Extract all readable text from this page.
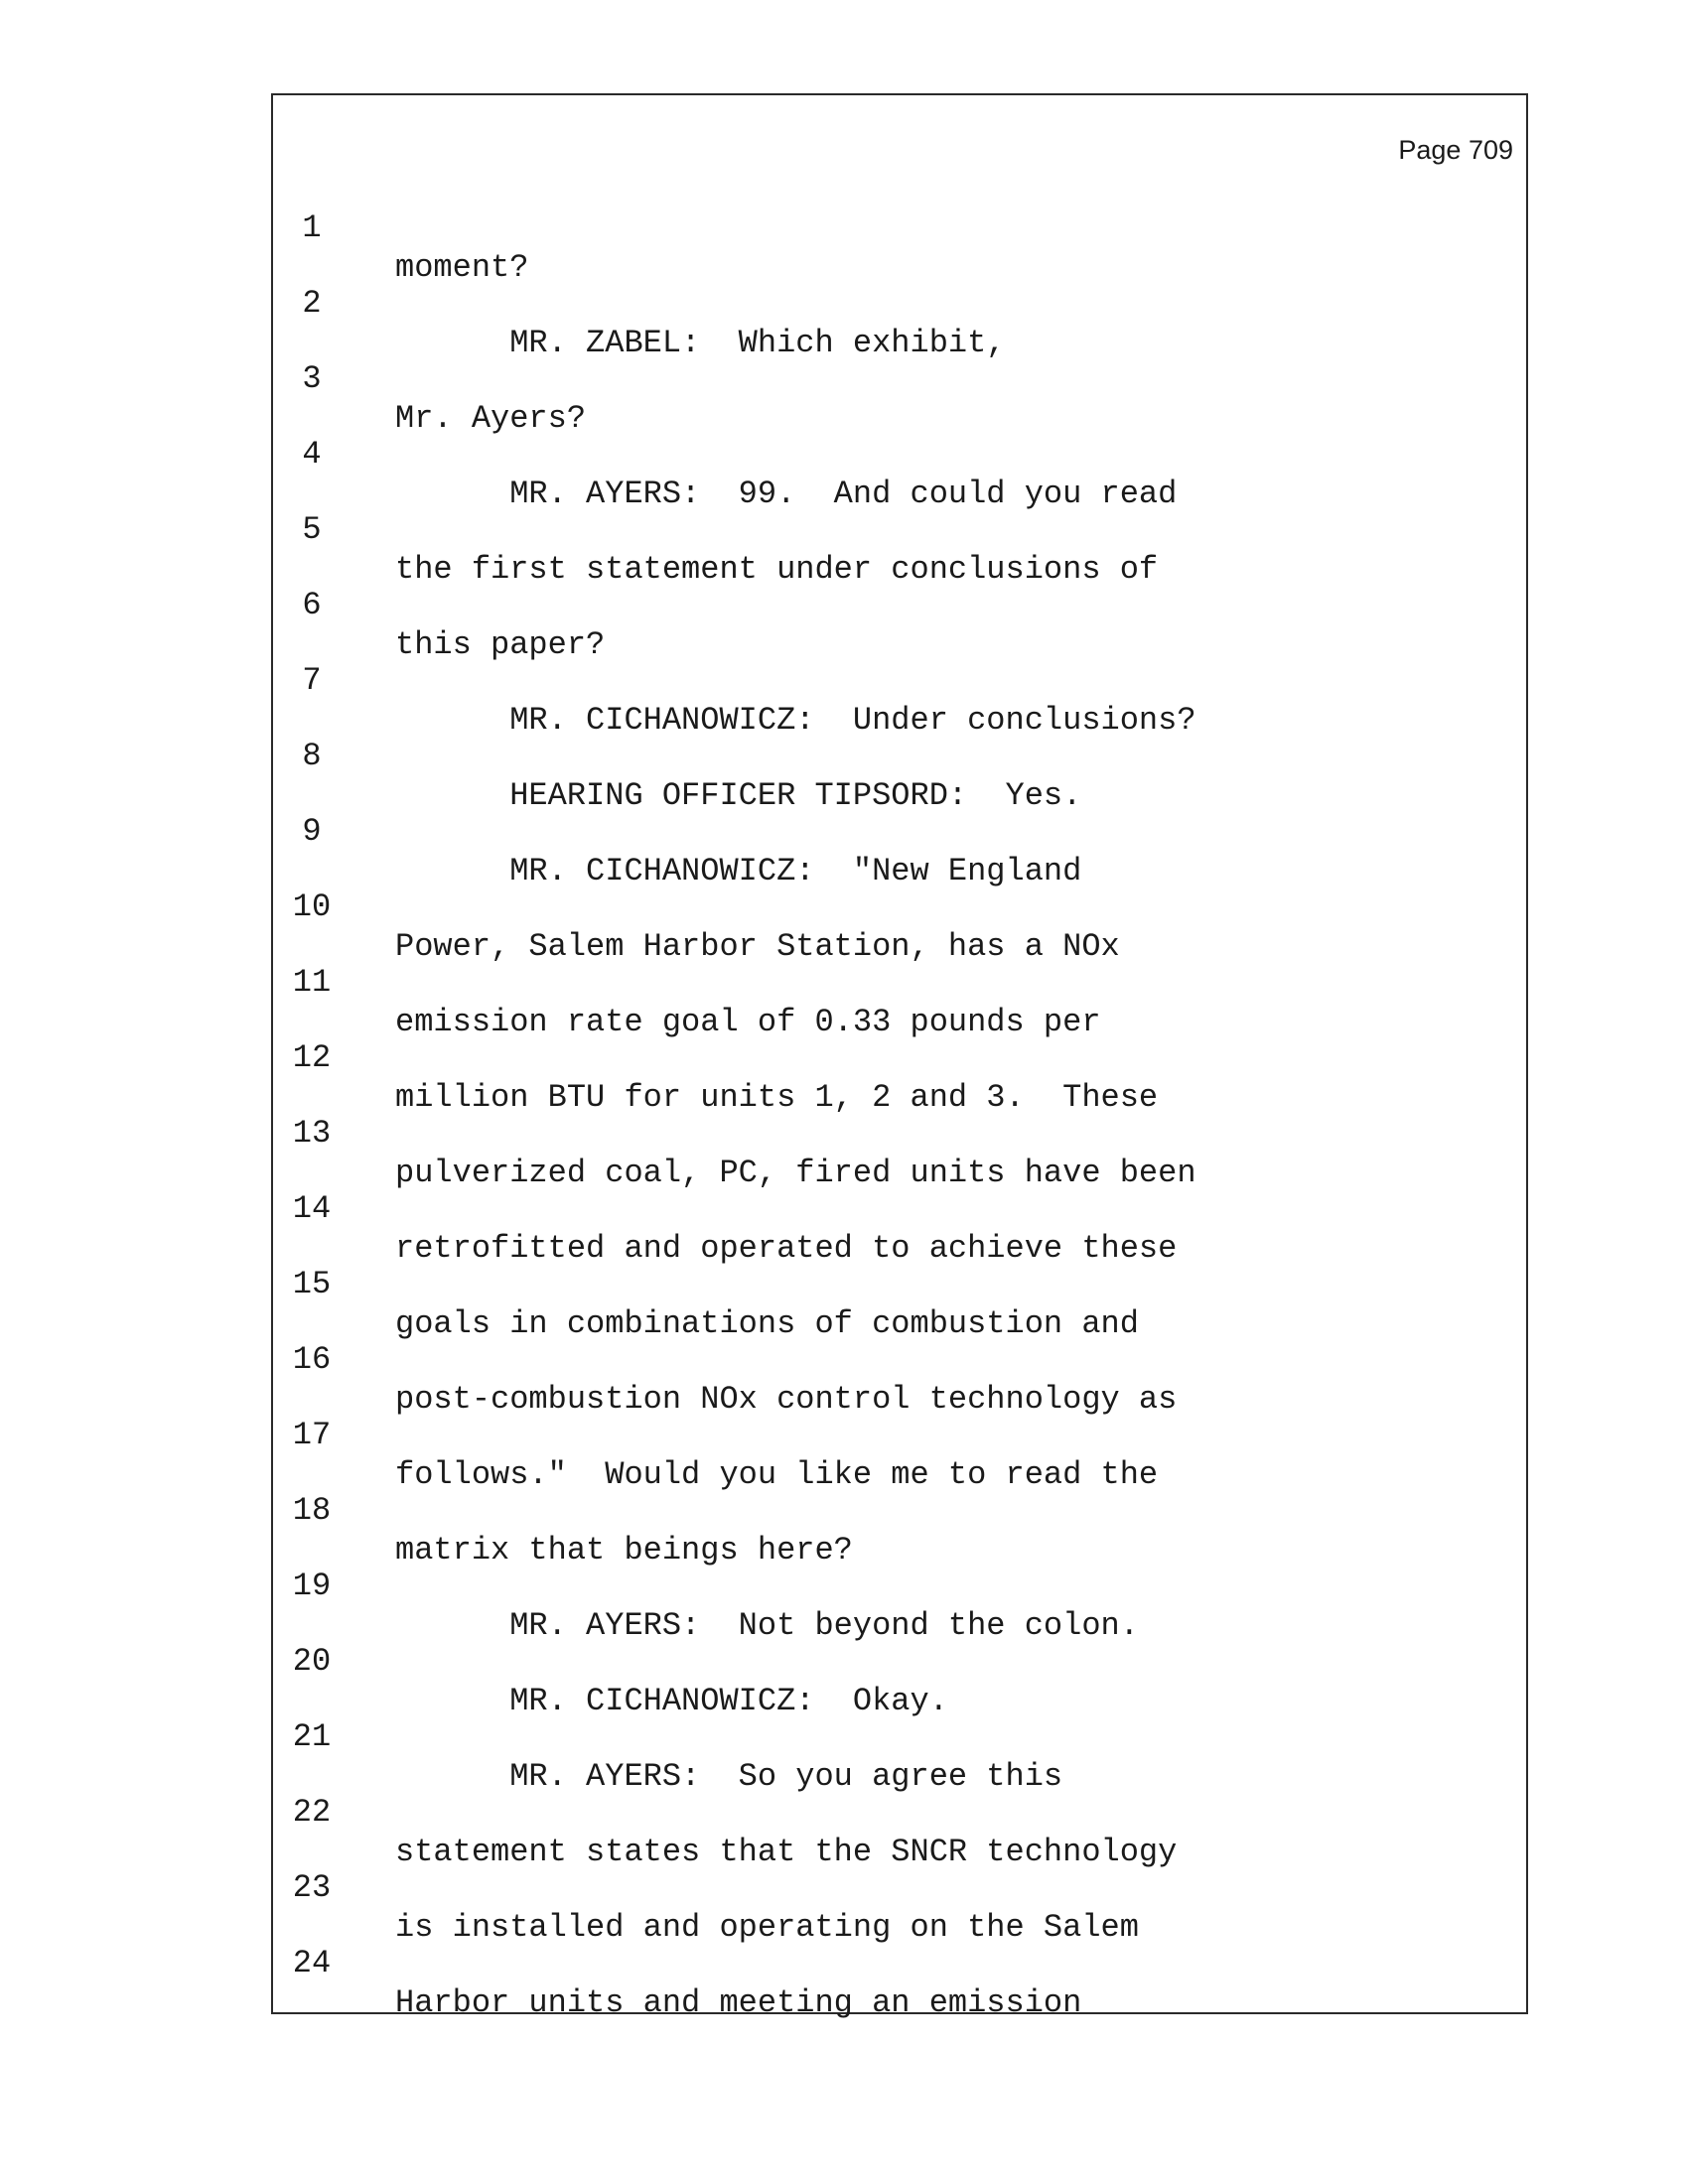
Page 709

1

moment?

2

MR. ZABEL:  Which exhibit,

3

Mr. Ayers?

4

MR. AYERS:  99.  And could you read

5

the first statement under conclusions of

6

this paper?

7

MR. CICHANOWICZ:  Under conclusions?

8

HEARING OFFICER TIPSORD:  Yes.

9

MR. CICHANOWICZ:  "New England

10

Power, Salem Harbor Station, has a NOx

11

emission rate goal of 0.33 pounds per

12

million BTU for units 1, 2 and 3.  These

13

pulverized coal, PC, fired units have been

14

retrofitted and operated to achieve these

15

goals in combinations of combustion and

16

post-combustion NOx control technology as

17

follows."  Would you like me to read the

18

matrix that beings here?

19

MR. AYERS:  Not beyond the colon.

20

MR. CICHANOWICZ:  Okay.

21

MR. AYERS:  So you agree this

22

statement states that the SNCR technology

23

is installed and operating on the Salem

24

Harbor units and meeting an emission
